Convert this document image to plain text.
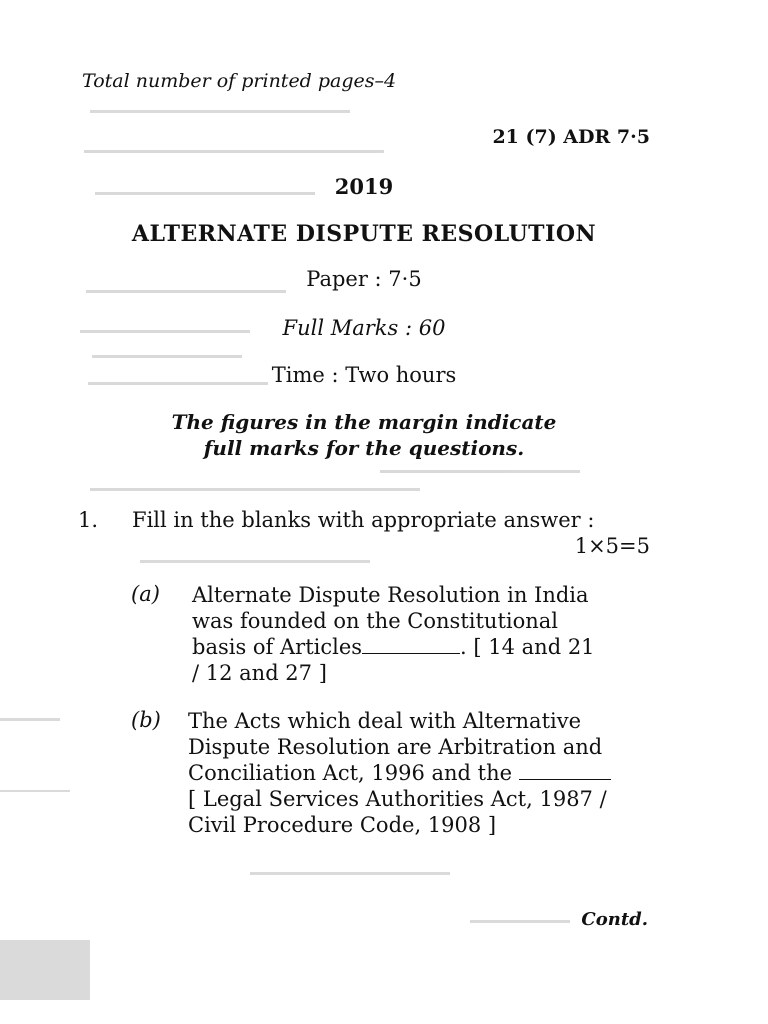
Total number of printed pages–4
21 (7) ADR 7·5
2019
ALTERNATE DISPUTE RESOLUTION
Paper : 7·5
Full Marks : 60
Time : Two hours
The figures in the margin indicate
full marks for the questions.
1. Fill in the blanks with appropriate answer :
1×5=5
(a) Alternate Dispute Resolution in India
was founded on the Constitutional
basis of Articles	. [ 14 and 21
/ 12 and 27 ]
(b) The Acts which deal with Alternative
Dispute Resolution are Arbitration and
Conciliation Act, 1996 and the
[ Legal Services Authorities Act, 1987 /
Civil Procedure Code, 1908 ]
Contd.
